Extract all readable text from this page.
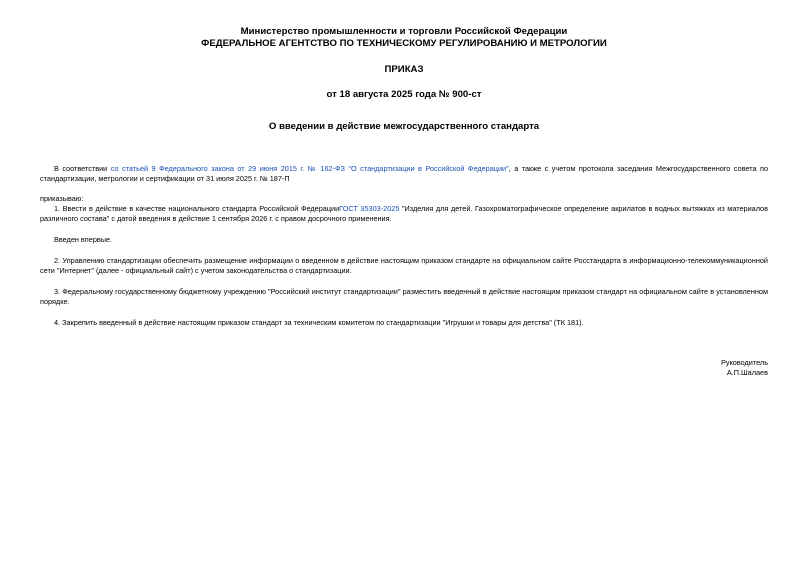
Министерство промышленности и торговли Российской Федерации
ФЕДЕРАЛЬНОЕ АГЕНТСТВО ПО ТЕХНИЧЕСКОМУ РЕГУЛИРОВАНИЮ И МЕТРОЛОГИИ
ПРИКАЗ
от 18 августа 2025 года № 900-ст
О введении в действие межгосударственного стандарта

В соответствии со статьей 9 Федерального закона от 29 июня 2015 г. № 162-ФЗ "О стандартизации в Российской Федерации", а также с учетом протокола заседания Межгосударственного совета по стандартизации, метрологии и сертификации от 31 июля 2025 г. № 187-П

приказываю:

1. Ввести в действие в качестве национального стандарта Российской ФедерацииГОСТ 35303-2025 "Изделия для детей. Газохроматографическое определение акрилатов в водных вытяжках из материалов различного состава" с датой введения в действие 1 сентября 2026 г. с правом досрочного применения.

Введен впервые.

2. Управлению стандартизации обеспечить размещение информации о введенном в действие настоящим приказом стандарте на официальном сайте Росстандарта в информационно-телекоммуникационной сети "Интернет" (далее - официальный сайт) с учетом законодательства о стандартизации.

3. Федеральному государственному бюджетному учреждению "Российский институт стандартизации" разместить введенный в действие настоящим приказом стандарт на официальном сайте в установленном порядке.

4. Закрепить введенный в действие настоящим приказом стандарт за техническим комитетом по стандартизации "Игрушки и товары для детства" (ТК 181).

Руководитель
А.П.Шалаев
